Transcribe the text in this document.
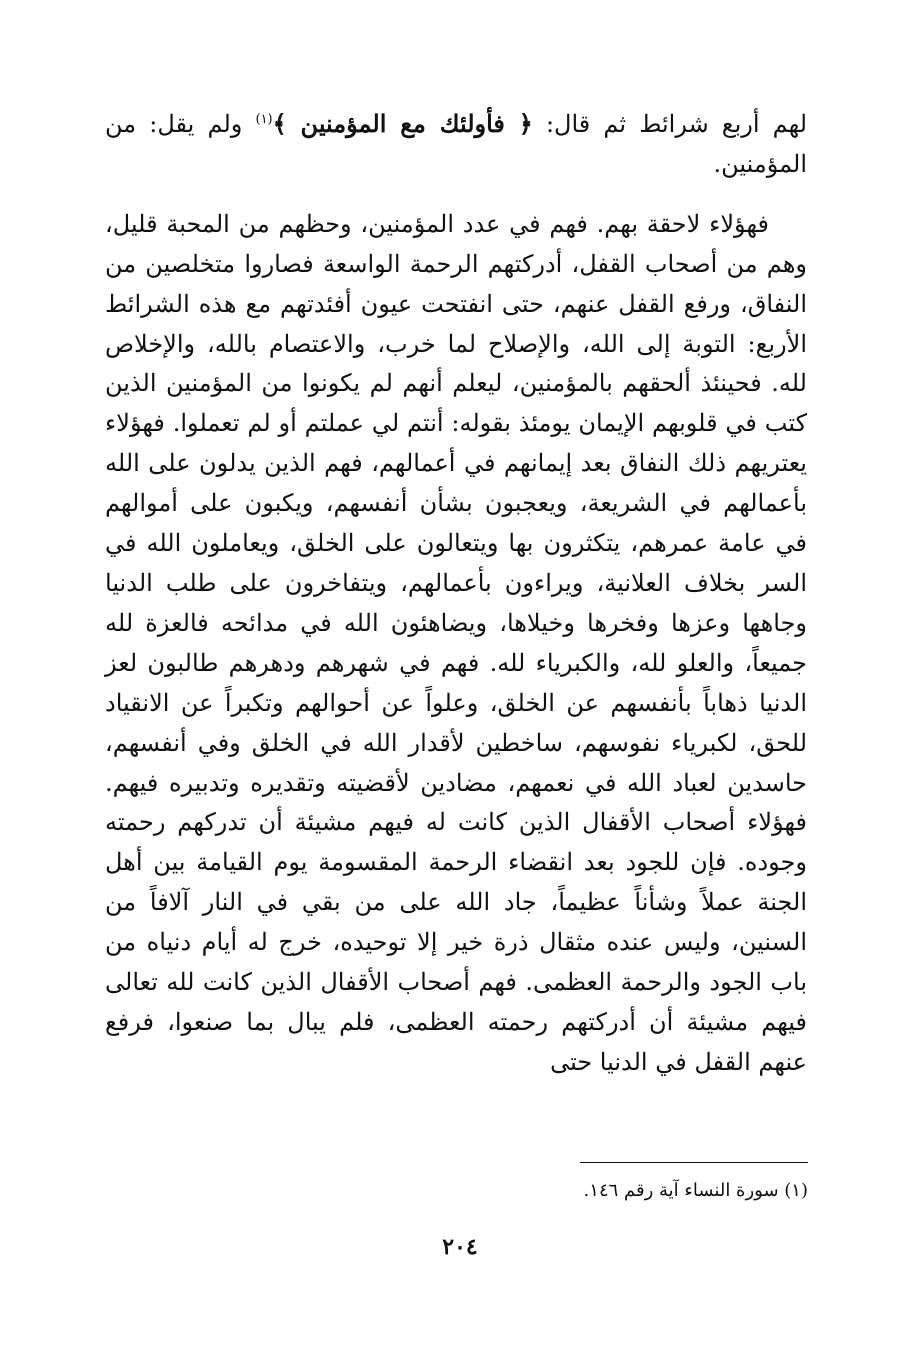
لهم أربع شرائط ثم قال: ﴿ فأولئك مع المؤمنين ﴾$^{(١)}$ ولم يقل: من المؤمنين.

فهؤلاء لاحقة بهم. فهم في عدد المؤمنين، وحظهم من المحبة قليل، وهم من أصحاب القفل، أدركتهم الرحمة الواسعة فصاروا متخلصين من النفاق، ورفع القفل عنهم، حتى انفتحت عيون أفئدتهم مع هذه الشرائط الأربع: التوبة إلى الله، والإصلاح لما خرب، والاعتصام بالله، والإخلاص لله. فحينئذ ألحقهم بالمؤمنين، ليعلم أنهم لم يكونوا من المؤمنين الذين كتب في قلوبهم الإيمان يومئذ بقوله: أنتم لي عملتم أو لم تعملوا. فهؤلاء يعتريهم ذلك النفاق بعد إيمانهم في أعمالهم، فهم الذين يدلون على الله بأعمالهم في الشريعة، ويعجبون بشأن أنفسهم، ويكبون على أموالهم في عامة عمرهم، يتكثرون بها ويتعالون على الخلق، ويعاملون الله في السر بخلاف العلانية، ويراءون بأعمالهم، ويتفاخرون على طلب الدنيا وجاهها وعزها وفخرها وخيلاها، ويضاهئون الله في مدائحه فالعزة لله جميعاً، والعلو لله، والكبرياء لله. فهم في شهرهم ودهرهم طالبون لعز الدنيا ذهاباً بأنفسهم عن الخلق، وعلواً عن أحوالهم وتكبراً عن الانقياد للحق، لكبرياء نفوسهم، ساخطين لأقدار الله في الخلق وفي أنفسهم، حاسدين لعباد الله في نعمهم، مضادين لأقضيته وتقديره وتدبيره فيهم. فهؤلاء أصحاب الأقفال الذين كانت له فيهم مشيئة أن تدركهم رحمته وجوده. فإن للجود بعد انقضاء الرحمة المقسومة يوم القيامة بين أهل الجنة عملاً وشأناً عظيماً، جاد الله على من بقي في النار آلافاً من السنين، وليس عنده مثقال ذرة خير إلا توحيده، خرج له أيام دنياه من باب الجود والرحمة العظمى. فهم أصحاب الأقفال الذين كانت لله تعالى فيهم مشيئة أن أدركتهم رحمته العظمى، فلم يبال بما صنعوا، فرفع عنهم القفل في الدنيا حتى

(١) سورة النساء آية رقم ١٤٦.
٢٠٤
